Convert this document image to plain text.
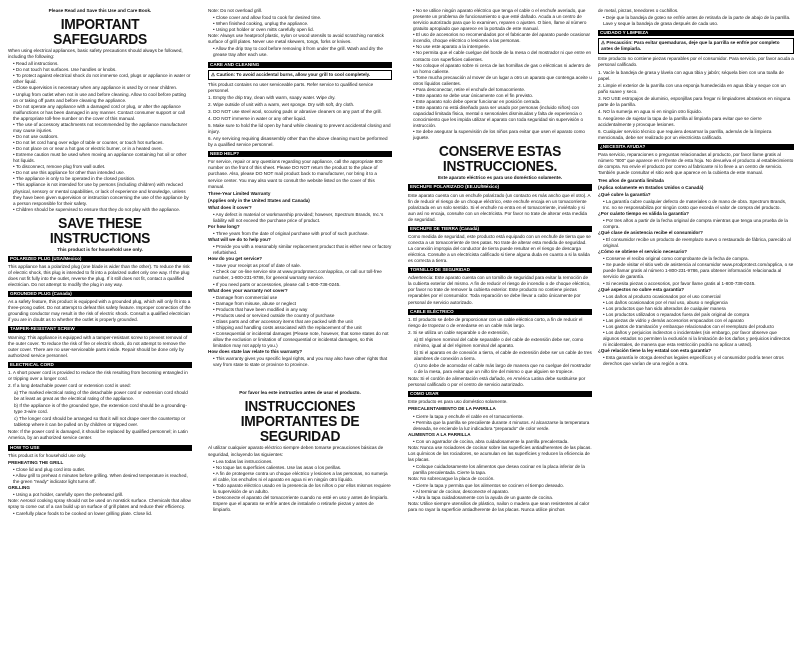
Please Read and Save this Use and Care Book.

IMPORTANT SAFEGUARDS

When using electrical appliances, basic safety precautions should always be followed, including the following:

• Read all instructions.
• Do not touch hot surfaces. Use handles or knobs.
• To protect against electrical shock do not immerse cord, plugs or appliance in water or other liquid.
• Close supervision is necessary when any appliance is used by or near children.
• Unplug from outlet when not in use and before cleaning. Allow to cool before putting on or taking off parts and before cleaning the appliance.
• Do not operate any appliance with a damaged cord or plug, or after the appliance malfunctions or has been damaged in any manner. Contact consumer support or call the appropriate toll-free number on the cover of this manual.
• The use of accessory attachments not recommended by the appliance manufacturer may cause injuries.
• Do not use outdoors.
• Do not let cord hang over edge of table or counter, or touch hot surfaces.
• Do not place on or near a hot gas or electric burner, or in a heated oven.
• Extreme caution must be used when moving an appliance containing hot oil or other hot liquids.
• To disconnect, remove plug from wall outlet.
• Do not use this appliance for other than intended use.
• The appliance is only to be operated in the closed position.
• This appliance is not intended for use by persons (including children) with reduced physical, sensory or mental capabilities, or lack of experience and knowledge, unless they have been given supervision or instruction concerning the use of the appliance by a person responsible for their safety.
• Children should be supervised to ensure that they do not play with the appliance.
SAVE THESE INSTRUCTIONS

This product is for household use only.

POLARIZED PLUG (USA/Mexico)

This appliance has a polarized plug (one blade is wider than the other). To reduce the risk of electric shock, this plug is intended to fit into a polarized outlet only one way. If the plug does not fit fully into the outlet, reverse the plug. If it still does not fit, contact a qualified electrician. Do not attempt to modify the plug in any way.

GROUNDED PLUG (Canada)

As a safety feature, this product is equipped with a grounded plug, which will only fit into a three-prong outlet. Do not attempt to defeat this safety feature. Improper connection of the grounding conductor may result in the risk of electric shock. Consult a qualified electrician if you are in doubt as to whether the outlet is properly grounded.

TAMPER-RESISTANT SCREW

Warning: This appliance is equipped with a tamper-resistant screw to prevent removal of the outer cover. To reduce the risk of fire or electric shock, do not attempt to remove the outer cover. There are no user-serviceable parts inside. Repair should be done only by authorized service personnel.

ELECTRICAL CORD

1. A short power cord is provided to reduce the risk resulting from becoming entangled in or tripping over a longer cord.

2. If a long detachable power cord or extension cord is used:

a) The marked electrical rating of the detachable power cord or extension cord should be at least as great as the electrical rating of the appliance.

b) If the appliance is of the grounded type, the extension cord should be a grounding-type 3-wire cord.

c) The longer cord should be arranged so that it will not drape over the countertop or tabletop where it can be pulled on by children or tripped over.

Note: If the power cord is damaged, it should be replaced by qualified personnel; in Latin America, by an authorized service center.

HOW TO USE

This product is for household use only.

PREHEATING THE GRILL

• Close lid and plug cord into outlet.
• Allow grill to preheat 4 minutes before grilling. When desired temperature is reached, the green "ready" indicator light turns off.

GRILLING

• Using a pot holder, carefully open the preheated grill.

Note: Aerosol cooking spray should not be used on nonstick surface. Chemicals that allow spray to come out of a can build up on surface of grill plates and reduce their efficiency.

• Carefully place foods to be cooked on lower grilling plate. Close lid.

Note: Do not overload grill.

• Close cover and allow food to cook for desired time.
• When finished cooking, unplug the appliance.
• Using pot holder or oven mitts carefully open lid.

Note: Always use heatproof plastic, nylon or wood utensils to avoid scratching nonstick surface of grill plates. Never use metal skewers, tongs, forks or knives.

• Allow the drip tray to cool before removing it from under the grill. Wash and dry the grease tray after each use.
CARE AND CLEANING
⚠ Caution: To avoid accidental burns, allow your grill to cool completely.

This product contains no user serviceable parts. Refer service to qualified service personnel.

1. Empty the drip tray, clean with warm, soapy water. Wipe dry.

2. Wipe outside of unit with a warm, wet sponge. Dry with soft, dry cloth.

3. DO NOT use steel wool, scouring pads or abrasive cleaners on any part of the grill.

4. DO NOT immerse in water or any other liquid.

5. Make sure to hold the lid open by hand while cleaning to prevent accidental closing and injury.

6. Any servicing requiring disassembly other than the above cleaning must be performed by a qualified service personnel.

NEED HELP?

For service, repair or any questions regarding your appliance, call the appropriate 800 number on the front of this sheet. Please DO NOT return the product to the place of purchase. Also, please DO NOT mail product back to manufacturer, nor bring it to a service center. You may also want to consult the website listed on the cover of this manual.

Three-Year Limited Warranty

(Applies only in the United States and Canada)

What does it cover?

• Any defect in material or workmanship provided; however, Spectrum Brands, Inc.'s liability will not exceed the purchase price of product.

For how long?

• Three years from the date of original purchase with proof of such purchase.

What will we do to help you?

• Provide you with a reasonably similar replacement product that is either new or factory refurbished.

How do you get service?

• Save your receipt as proof of date of sale.
• Check our on-line service site at www.prodprotect.com/applica, or call our toll-free number, 1-800-231-9786, for general warranty service.
• If you need parts or accessories, please call 1-800-738-0245.

What does your warranty not cover?

• Damage from commercial use
• Damage from misuse, abuse or neglect
• Products that have been modified in any way
• Products used or serviced outside the country of purchase
• Glass parts and other accessory items that are packed with the unit
• Shipping and handling costs associated with the replacement of the unit
• Consequential or incidental damages (Please note, however, that some states do not allow the exclusion or limitation of consequential or incidental damages, so this limitation may not apply to you.)

How does state law relate to this warranty?

• This warranty gives you specific legal rights, and you may also have other rights that vary from state to state or province to province.

Por favor lea este instructivo antes de usar el producto.

INSTRUCCIONES IMPORTANTES DE SEGURIDAD

Al utilizar cualquier aparato eléctrico siempre deben tomarse precauciones básicas de seguridad, incluyendo las siguientes:

• Lea todas las instrucciones.
• No toque las superficies calientes. Use las asas o los perillas.
• A fin de protegerse contra un choque eléctrico y lesiones a las personas, no sumerja el cable, los enchufes ni el aparato en agua ni en ningún otro líquido.
• Todo aparato eléctrico usado en la presencia de los niños o por ellos mismos requiere la supervisión de un adulto.
• Desconecte el aparato del tomacorriente cuando no esté en uso y antes de limpiarlo. Espere que el aparato se enfríe antes de instalarle o retirarle piezas y antes de limpiarlo.
• No se utilice ningún aparato eléctrico que tenga el cable o el enchufe averiado, que presente un problema de funcionamiento o que esté dañado. Acuda a un centro de servicio autorizado para que lo examinen, reparen o ajusten. O bien, llame al número gratuito apropiado que aparece en la portada de este manual.
• El uso de accesorios no recomendados por el fabricante del aparato puede ocasionar incendio, choque eléctrico o lesiones a las personas.
• No use este aparato a la intemperie.
• No permita que el cable cuelgue del borde de la mesa o del mostrador ni que entre en contacto con superficies calientes.
• No coloque el aparato sobre ni cerca de las hornillas de gas o eléctricas ni adentro de un horno caliente.
• Tome mucha precaución al mover de un lugar a otro un aparato que contenga aceite u otros líquidos calientes.
• Para desconectar, retire el enchufe del tomacorriente.
• Este aparato se debe usar únicamente con el fin previsto.
• Este aparato solo debe operar funcionar en posición cerrada.
• Este aparato no está diseñado para ser usado por personas (incluido niños) con capacidad limitada física, mental o sensoriales disminuidas y falta de experiencia o conocimiento que les impida utilizar el aparato con toda seguridad sin supervisión o instrucción.
• Se debe asegurar la supervisión de los niños para evitar que usen el aparato como juguete.
CONSERVE ESTAS INSTRUCCIONES.

Este aparato eléctrico es para uso doméstico solamente.

ENCHUFE POLARIZADO (EE.UU/México)

Este aparato cuenta con un enchufe polarizado (un contacto es más ancho que el otro). A fin de reducir el riesgo de un choque eléctrico, este enchufe encaja en un tomacorriente polarizada en un solo sentido. Si el enchufe no entra en el tomacorriente, inviértalo y si aun así no encaja, consulte con un electricista. Por favor no trate de alterar esta medida de seguridad.

ENCHUFE DE TIERRA (Canadá)

Como medida de seguridad, este producto está equipado con un enchufe de tierra que se conecta a un tomacorriente de tres patas. No trate de alterar esta medida de seguridad. La conexión impropia del conductor de tierra puede resultar en el riesgo de descarga eléctrica. Consulte a un electricista calificado si tiene alguna duda en cuanto a si la salida es correcta a tierra.

TORNILLO DE SEGURIDAD

Advertencia: Este aparato cuenta con un tornillo de seguridad para evitar la remoción de la cubierta exterior del mismo. A fin de reducir el riesgo de incendio o de choque eléctrico, por favor no trate de remover la cubierta exterior. Este producto no contiene piezas reparables por el consumidor. Toda reparación se debe llevar a cabo únicamente por personal de servicio autorizado.

CABLE ELÉCTRICO

1. El producto se debe de proporcionar con un cable eléctrico corto, a fin de reducir el riesgo de tropezar o de enredarse en un cable más largo.

2. Si se utiliza un cable separable o de extensión,

a) El régimen nominal del cable separable o del cable de extensión debe ser, como mínimo, igual al del régimen nominal del aparato.

b) Si el aparato es de conexión a tierra, el cable de extensión debe ser un cable de tres alambres de conexión a tierra.

c) Uno debe de acomodar el cable más largo de manera que no cuelgue del mostrador o de la mesa, para evitar que un niño tire del mismo o que alguien se tropiece.

Nota: Si el cordón de alimentación está dañado, en América Latina debe sustituirse por personal calificado o por el centro de servicio autorizado.

COMO USAR

Este producto es para uso doméstico solamente.

PRECALENTAMIENTO DE LA PARRILLA

• Cierre la tapa y enchufe el cable en el tomacorriente.
• Permita que la parrilla se precaliente durante 4 minutos. Al alcanzarse la temperatura deseada, se enciende la luz indicadora "preparado" de color verde.

ALIMENTOS A LA PARRILLA

• Con un agarrador de cocina, abra cuidadosamente la parrilla precalentada.

Nota: Nunca use rociadores de cocinar sobre las superficies antiadherentes de las placas. Los químicos de los rociadores, se acumulan en las superficies y reducen la eficiencia de las placas.

• Coloque cuidadosamente los alimentos que desea cocinar en la placa inferior de la parrilla precalentada. Cierre la tapa.

Nota: No sobrecargue la placa de cocción.

• Cierre la tapa y permita que los alimentos se cocinen el tiempo deseado.
• Al terminar de cocinar, desconecte el aparato.
• Abra la tapa cuidadosamente con la ayuda de un guante de cocina.

Nota: Utilice siempre utensilios de plástico, nailon o madera que sean resistentes al calor para no rayar la superficie antiadherente de las placas. Nunca utilice pinchos

de metal, pinzas, tenedores o cuchillos.

• Deje que la bandeja de goteo se enfríe antes de retirarla de la parte de abajo de la parrilla. Lave y seque la bandeja de grasa después de cada uso.
CUIDADO Y LIMPIEZA
⚠ Precaución: Para evitar quemaduras, deje que la parrilla se enfríe por completo antes de limpiarla.

Este producto no contiene piezas reparables por el consumidor. Para servicio, por favor acuda a personal calificado.

1. Vacíe la bandeja de grasa y lávela con agua tibia y jabón; séquela bien con una toalla de papel.

2. Limpie el exterior de la parrilla con una esponja humedecida en agua tibia y seque con un paño suave y seco.

3. NO USE estropajos de aluminio, esponjillas para fregar ni limpiadores abrasivos en ninguna parte de la parrilla.

4. NO la sumerja en agua ni en ningún otro líquido.

5. Asegúrese de sujetar la tapa de la parrilla al limpiarla para evitar que se cierre accidentalmente y provoque lesiones.

6. Cualquier servicio técnico que requiera desarmar la parrilla, además de la limpieza mencionada, debe ser realizado por un electricista calificado.

¿NECESITA AYUDA?

Para servicio, reparaciones o preguntas relacionadas al producto, por favor llame gratis al número "800" que aparece en el frente de esta hoja. No devuelva el producto al establecimiento de compra. No envíe el producto por correo al fabricante ni lo lleve a un centro de servicio. También puede consultar el sitio web que aparece en la cubierta de este manual.

Tres años de garantía limitada

(Aplica solamente en Estados Unidos o Canadá)

¿Qué cubre la garantía?

• La garantía cubre cualquier defecto de materiales o de mano de obra. Spectrum Brands, Inc. no se responsabiliza por ningún costo que exceda el valor de compra del producto.

¿Por cuánto tiempo es válida la garantía?

• Por tres años a partir de la fecha original de compra mientras que tenga una prueba de la compra.

¿Qué clase de asistencia recibe el consumidor?

• El consumidor recibe un producto de reemplazo nuevo o restaurado de fábrica, parecido al original.

¿Cómo se obtiene el servicio necesario?

• Conserve el recibo original como comprobante de la fecha de compra.
• Se puede visitar el sitio web de asistencia al consumidor www.prodprotect.com/applica, o se puede llamar gratis al número 1-800-231-9786, para obtener información relacionada al servicio de garantía.
• Si necesita piezas o accesorios, por favor llame gratis al 1-800-738-0245.

¿Qué aspectos no cubre esta garantía?

• Los daños al producto ocasionados por el uso comercial
• Los daños ocasionados por el mal uso, abuso o negligencia
• Los productos que han sido alterados de cualquier manera
• Los productos utilizados o reparados fuera del país original de compra
• Las piezas de vidrio y demás accesorios empacados con el aparato
• Los gastos de tramitación y embarque relacionados con el reemplazo del producto
• Los daños y perjuicios indirectos o incidentales (sin embargo, por favor observe que algunos estados no permiten la exclusión ni la limitación de los daños y perjuicios indirectos ni incidentales, de manera que esta restricción podría no aplicar a usted).

¿Qué relación tiene la ley estatal con esta garantía?

• Esta garantía le otorga derechos legales específicos y el consumidor podría tener otros derechos que varían de una región a otra.
